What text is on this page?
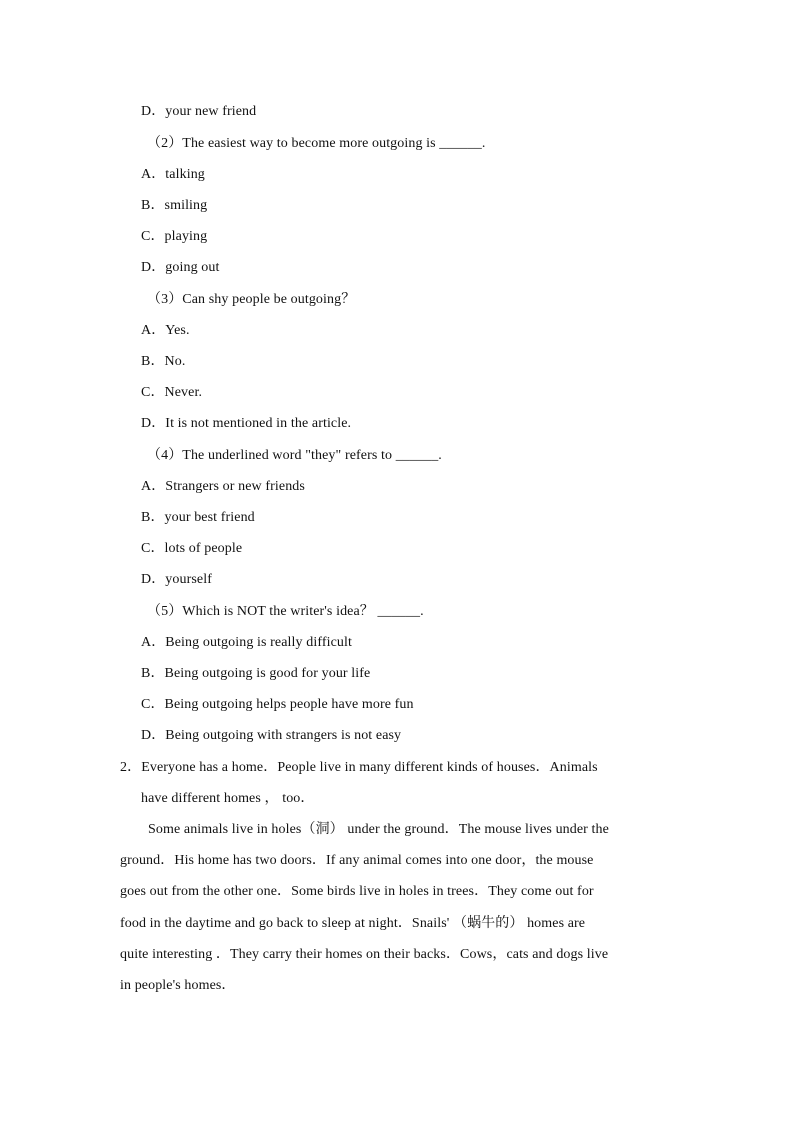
D．your new friend
（2）The easiest way to become more outgoing is ______.
A．talking
B．smiling
C．playing
D．going out
（3）Can shy people be outgoing？
A．Yes.
B．No.
C．Never.
D．It is not mentioned in the article.
（4）The underlined word "they" refers to ______.
A．Strangers or new friends
B．your best friend
C．lots of people
D．yourself
（5）Which is NOT the writer's idea？ ______.
A．Being outgoing is really difficult
B．Being outgoing is good for your life
C．Being outgoing helps people have more fun
D．Being outgoing with strangers is not easy
2．Everyone has a home．People live in many different kinds of houses．Animals
have different homes ， too．
Some animals live in holes（洞） under the ground．The mouse lives under the
ground．His home has two doors．If any animal comes into one door，the mouse
goes out from the other one．Some birds live in holes in trees．They come out for
food in the daytime and go back to sleep at night．Snails' （蜗牛的） homes are
quite interesting ．They carry their homes on their backs．Cows，cats and dogs live
in people's homes．
